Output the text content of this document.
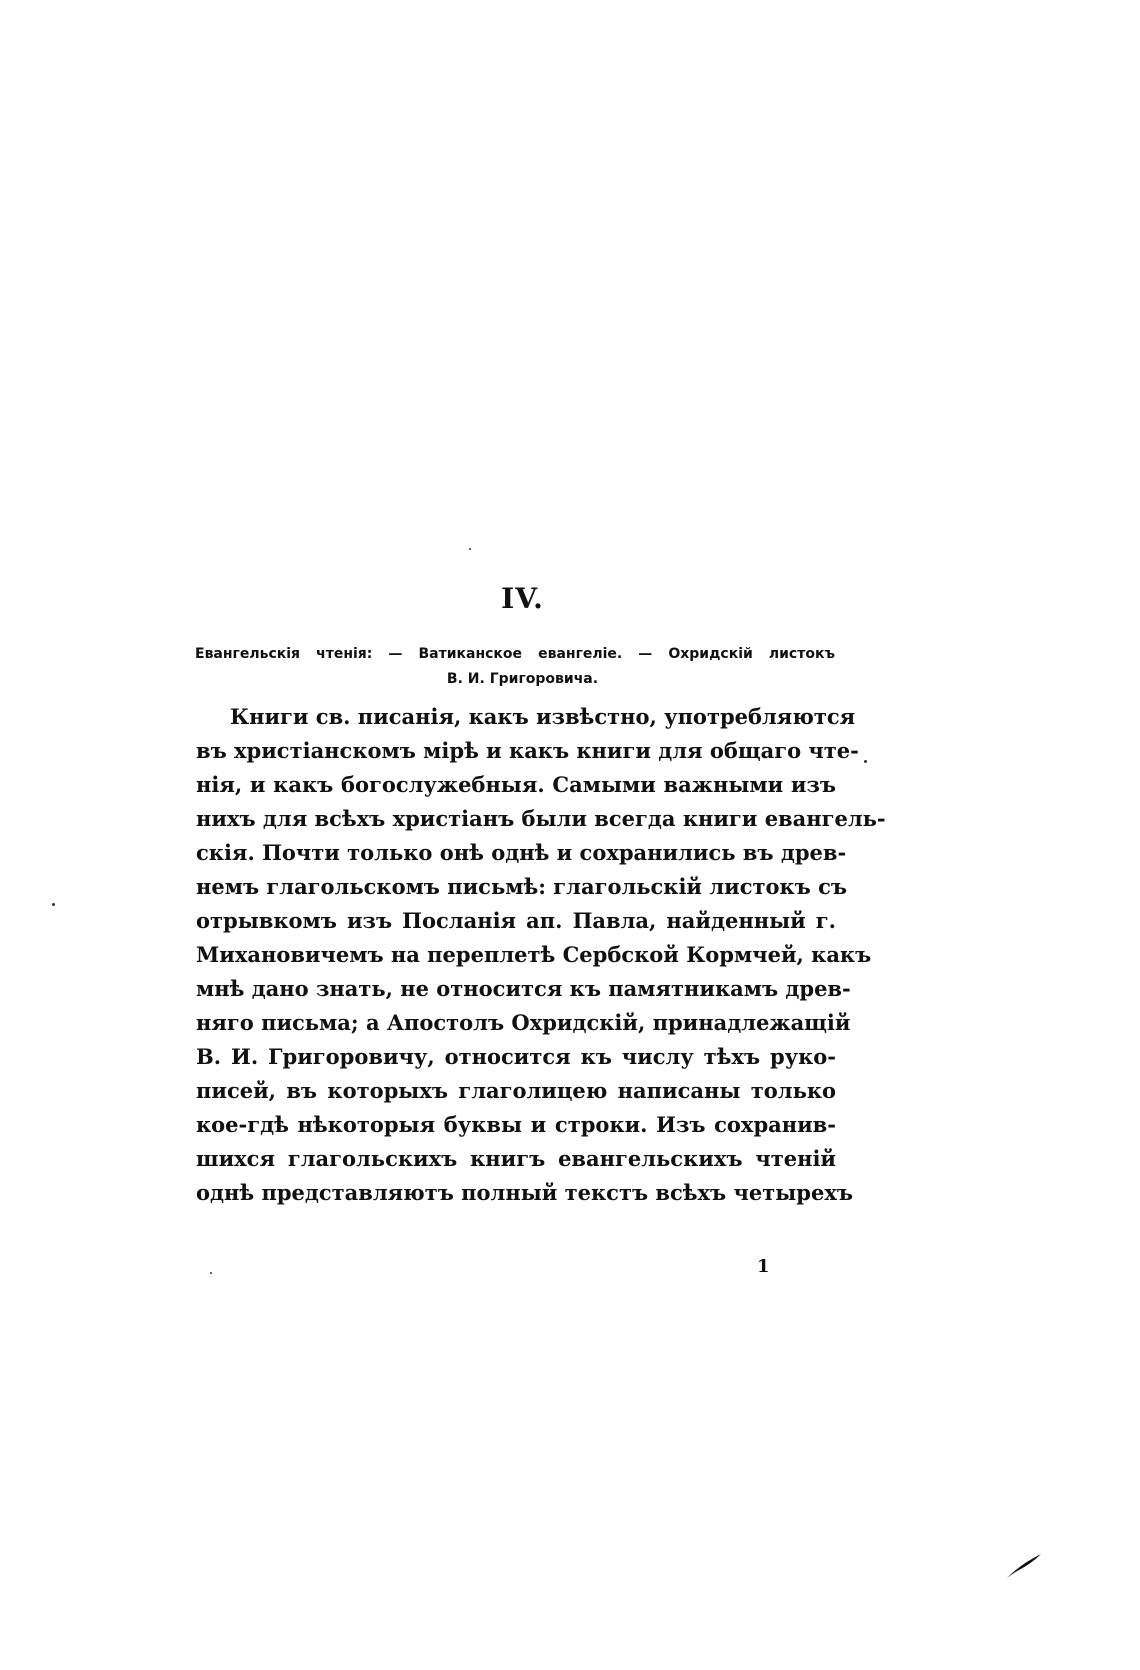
IV.
Евангельскія чтенія: — Ватиканское евангеліе. — Охридскій листокъ
В. И. Григоровича.
Книги св. писанія, какъ извѣстно, употребляются
въ христіанскомъ мірѣ и какъ книги для общаго чте-
нія, и какъ богослужебныя. Самыми важными изъ
нихъ для всѣхъ христіанъ были всегда книги евангель-
скія. Почти только онѣ однѣ и сохранились въ древ-
немъ глагольскомъ письмѣ: глагольскій листокъ съ
отрывкомъ изъ Посланія ап. Павла, найденный г.
Михановичемъ на переплетѣ Сербской Кормчей, какъ
мнѣ дано знать, не относится къ памятникамъ древ-
няго письма; а Апостолъ Охридскій, принадлежащій
В. И. Григоровичу, относится къ числу тѣхъ руко-
писей, въ которыхъ глаголицею написаны только
кое-гдѣ нѣкоторыя буквы и строки. Изъ сохранив-
шихся глагольскихъ книгъ евангельскихъ чтеній
однѣ представляютъ полный текстъ всѣхъ четырехъ
1
